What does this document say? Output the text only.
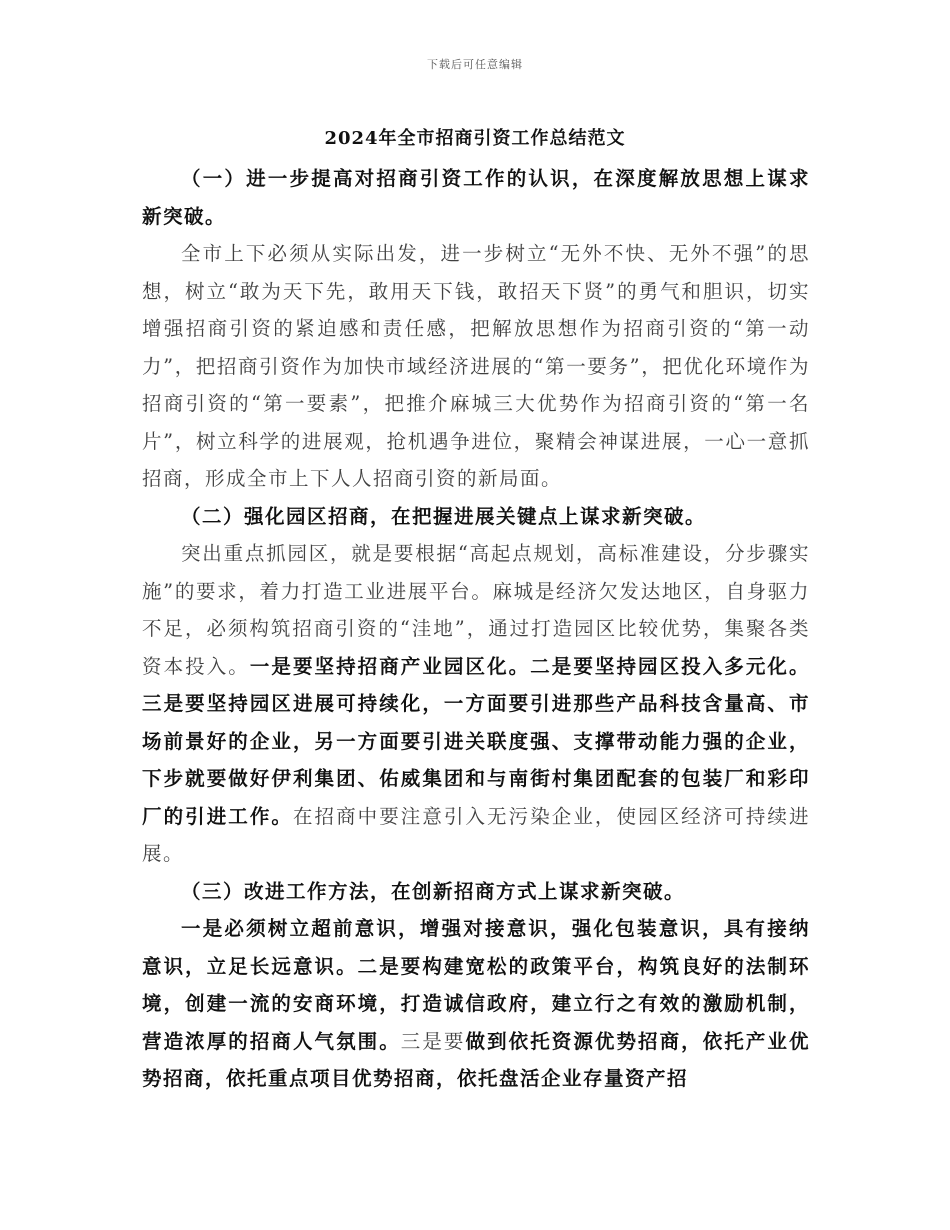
下载后可任意编辑
2024年全市招商引资工作总结范文

（一）进一步提高对招商引资工作的认识，在深度解放思想上谋求新突破。

全市上下必须从实际出发，进一步树立“无外不快、无外不强”的思想，树立“敢为天下先，敢用天下钱，敢招天下贤”的勇气和胆识，切实增强招商引资的紧迫感和责任感，把解放思想作为招商引资的“第一动力”，把招商引资作为加快市域经济进展的“第一要务”，把优化环境作为招商引资的“第一要素”，把推介麻城三大优势作为招商引资的“第一名片”，树立科学的进展观，抢机遇争进位，聚精会神谋进展，一心一意抓招商，形成全市上下人人招商引资的新局面。

（二）强化园区招商，在把握进展关键点上谋求新突破。

突出重点抓园区，就是要根据“高起点规划，高标准建设，分步骤实施”的要求，着力打造工业进展平台。麻城是经济欠发达地区，自身驱力不足，必须构筑招商引资的“洼地”，通过打造园区比较优势，集聚各类资本投入。一是要坚持招商产业园区化。二是要坚持园区投入多元化。三是要坚持园区进展可持续化，一方面要引进那些产品科技含量高、市场前景好的企业，另一方面要引进关联度强、支撑带动能力强的企业，下步就要做好伊利集团、佑威集团和与南街村集团配套的包装厂和彩印厂的引进工作。在招商中要注意引入无污染企业，使园区经济可持续进展。

（三）改进工作方法，在创新招商方式上谋求新突破。

一是必须树立超前意识，增强对接意识，强化包装意识，具有接纳意识，立足长远意识。二是要构建宽松的政策平台，构筑良好的法制环境，创建一流的安商环境，打造诚信政府，建立行之有效的激励机制，营造浓厚的招商人气氛围。三是要做到依托资源优势招商，依托产业优势招商，依托重点项目优势招商，依托盘活企业存量资产招
